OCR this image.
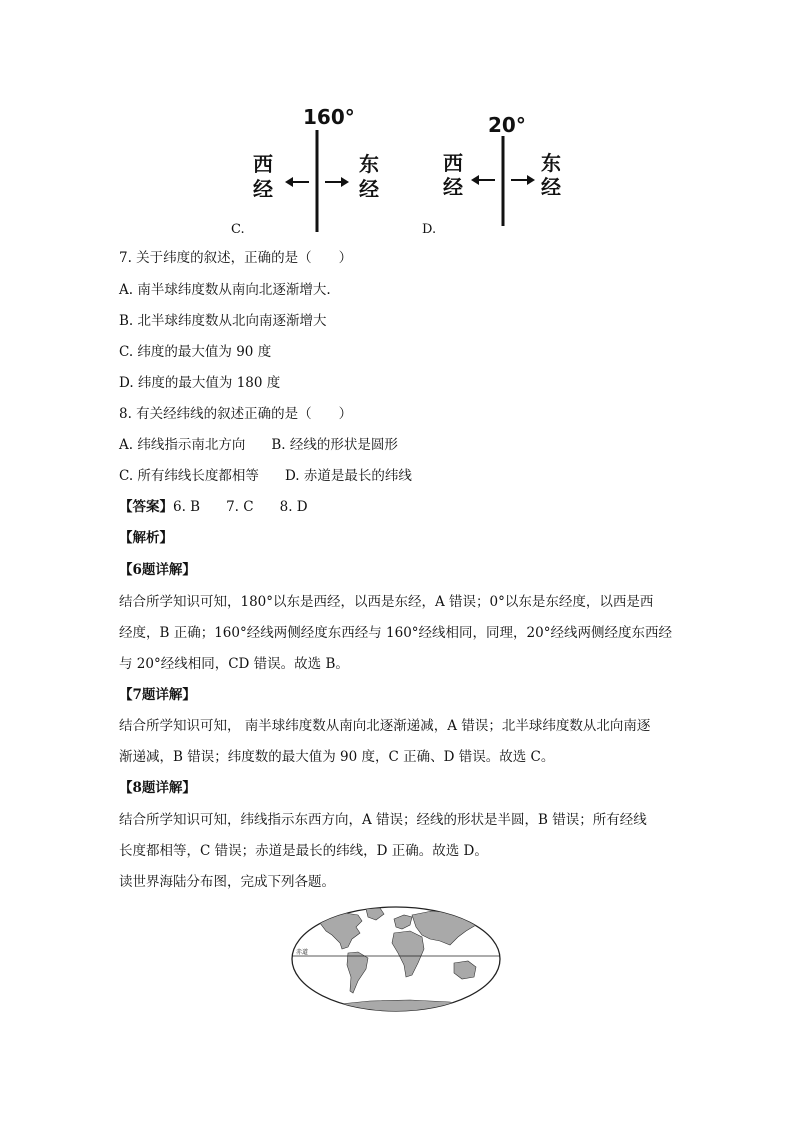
160°
西
经
东
经
C.
20°
西
经
东
经
D.
7. 关于纬度的叙述，正确的是（　　）
A. 南半球纬度数从南向北逐渐增大.
B. 北半球纬度数从北向南逐渐增大
C. 纬度的最大值为 90 度
D. 纬度的最大值为 180 度
8. 有关经纬线的叙述正确的是（　　）
A. 纬线指示南北方向 B. 经线的形状是圆形
C. 所有纬线长度都相等 D. 赤道是最长的纬线
【答案】6. B 7. C 8. D
【解析】
【6题详解】
结合所学知识可知，180°以东是西经，以西是东经，A 错误；0°以东是东经度，以西是西
经度，B 正确；160°经线两侧经度东西经与 160°经线相同，同理，20°经线两侧经度东西经
与 20°经线相同，CD 错误。故选 B。
【7题详解】
结合所学知识可知， 南半球纬度数从南向北逐渐递减，A 错误；北半球纬度数从北向南逐
渐递减，B 错误；纬度数的最大值为 90 度，C 正确、D 错误。故选 C。
【8题详解】
结合所学知识可知，纬线指示东西方向，A 错误；经线的形状是半圆，B 错误；所有经线
长度都相等，C 错误；赤道是最长的纬线，D 正确。故选 D。
读世界海陆分布图，完成下列各题。
赤道
